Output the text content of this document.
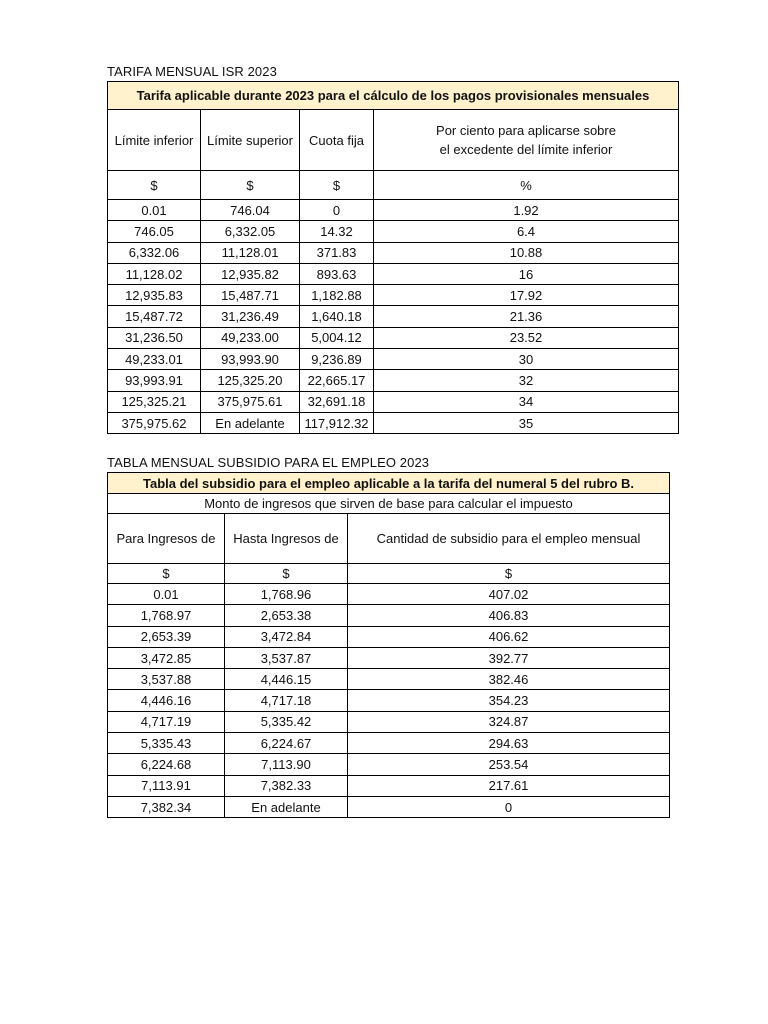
TARIFA MENSUAL ISR 2023
Tarifa aplicable durante 2023 para el cálculo de los pagos provisionales mensuales			
Límite inferior	Límite superior	Cuota fija	Por ciento para aplicarse sobre el excedente del límite inferior
$	$	$	%
0.01	746.04	0	1.92
746.05	6,332.05	14.32	6.4
6,332.06	11,128.01	371.83	10.88
11,128.02	12,935.82	893.63	16
12,935.83	15,487.71	1,182.88	17.92
15,487.72	31,236.49	1,640.18	21.36
31,236.50	49,233.00	5,004.12	23.52
49,233.01	93,993.90	9,236.89	30
93,993.91	125,325.20	22,665.17	32
125,325.21	375,975.61	32,691.18	34
375,975.62	En adelante	117,912.32	35
TABLA MENSUAL SUBSIDIO PARA EL EMPLEO 2023
Tabla del subsidio para el empleo aplicable a la tarifa del numeral 5 del rubro B.		
Monto de ingresos que sirven de base para calcular el impuesto		
Para Ingresos de	Hasta Ingresos de	Cantidad de subsidio para el empleo mensual
$	$	$
0.01	1,768.96	407.02
1,768.97	2,653.38	406.83
2,653.39	3,472.84	406.62
3,472.85	3,537.87	392.77
3,537.88	4,446.15	382.46
4,446.16	4,717.18	354.23
4,717.19	5,335.42	324.87
5,335.43	6,224.67	294.63
6,224.68	7,113.90	253.54
7,113.91	7,382.33	217.61
7,382.34	En adelante	0
